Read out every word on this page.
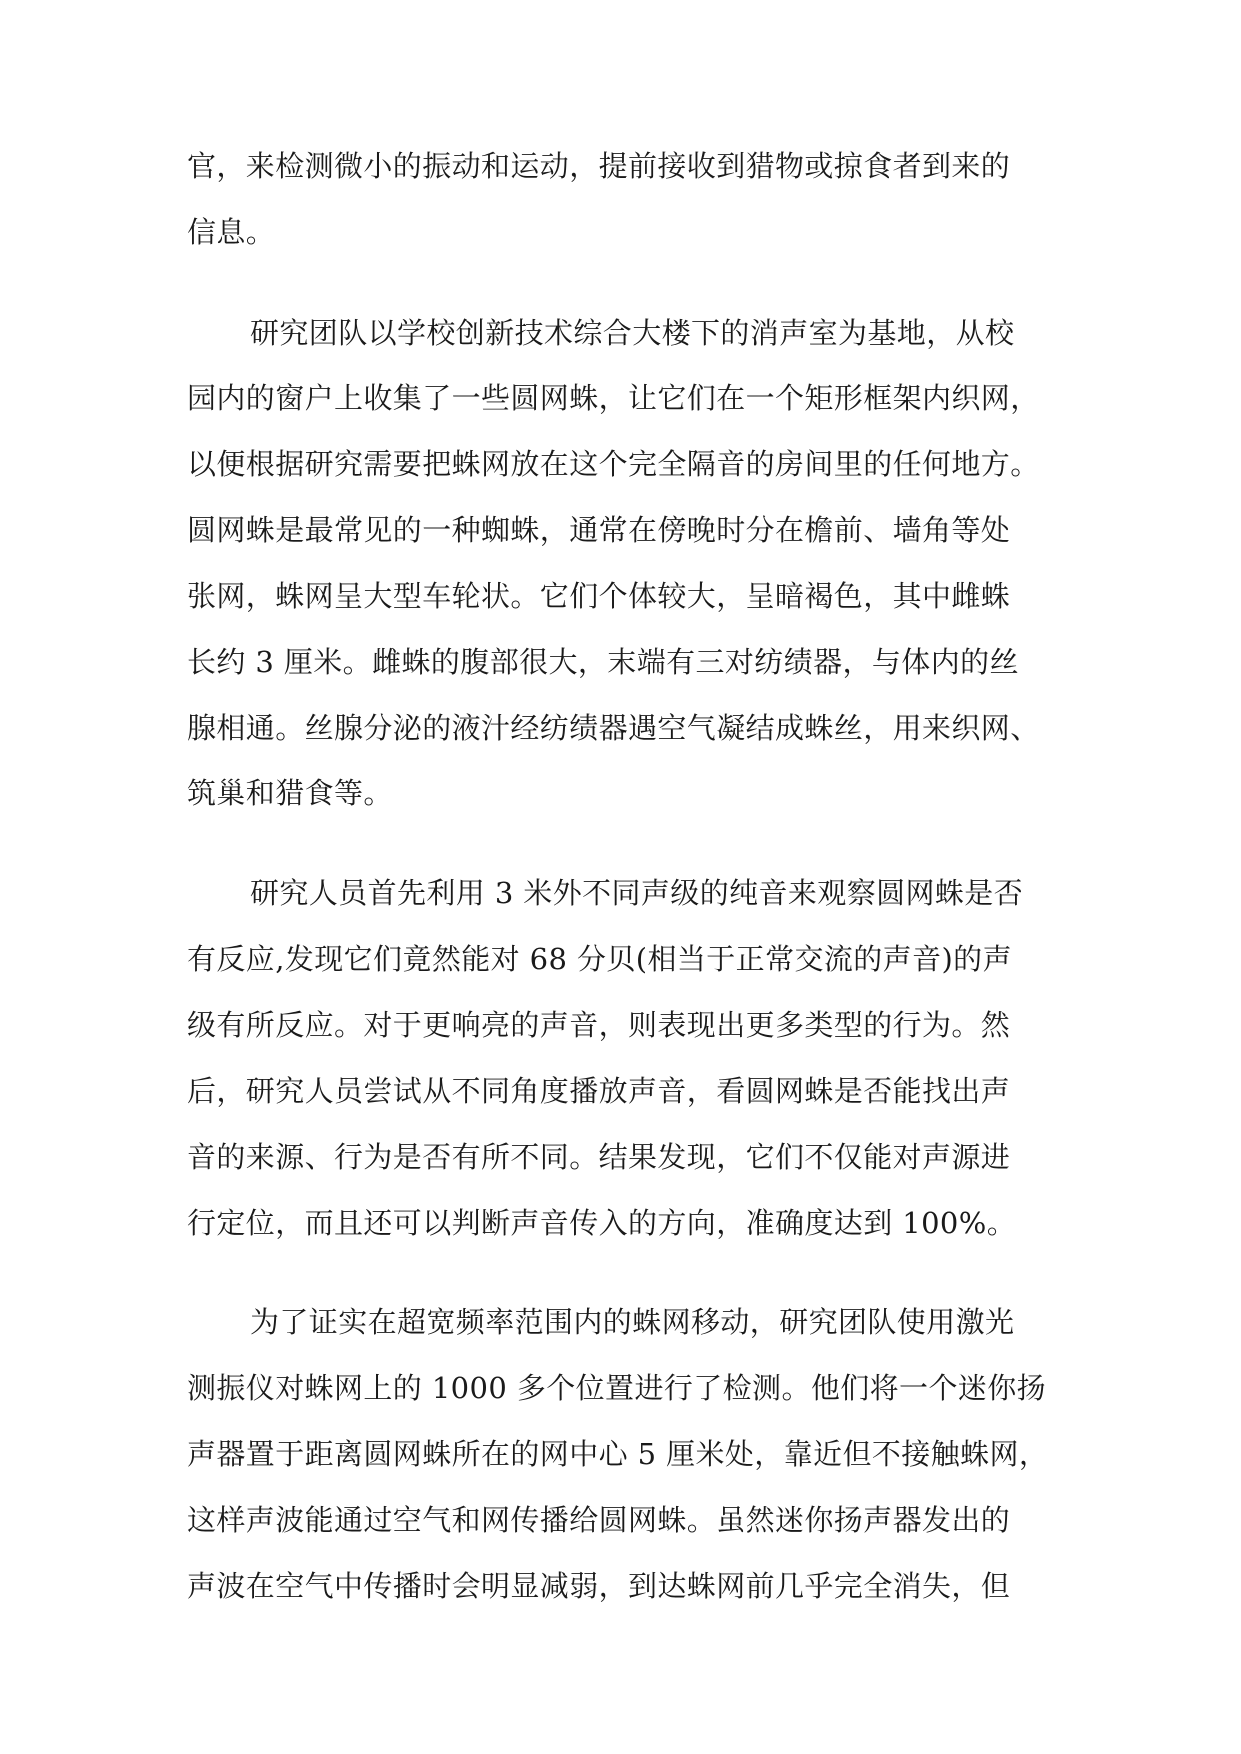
官，来检测微小的振动和运动，提前接收到猎物或掠食者到来的
信息。
研究团队以学校创新技术综合大楼下的消声室为基地，从校
园内的窗户上收集了一些圆网蛛，让它们在一个矩形框架内织网，
以便根据研究需要把蛛网放在这个完全隔音的房间里的任何地方。
圆网蛛是最常见的一种蜘蛛，通常在傍晚时分在檐前、墙角等处
张网，蛛网呈大型车轮状。它们个体较大，呈暗褐色，其中雌蛛
长约 3 厘米。雌蛛的腹部很大，末端有三对纺绩器，与体内的丝
腺相通。丝腺分泌的液汁经纺绩器遇空气凝结成蛛丝，用来织网、
筑巢和猎食等。
研究人员首先利用 3 米外不同声级的纯音来观察圆网蛛是否
有反应,发现它们竟然能对 68 分贝(相当于正常交流的声音)的声
级有所反应。对于更响亮的声音，则表现出更多类型的行为。然
后，研究人员尝试从不同角度播放声音，看圆网蛛是否能找出声
音的来源、行为是否有所不同。结果发现，它们不仅能对声源进
行定位，而且还可以判断声音传入的方向，准确度达到 100%。
为了证实在超宽频率范围内的蛛网移动，研究团队使用激光
测振仪对蛛网上的 1000 多个位置进行了检测。他们将一个迷你扬
声器置于距离圆网蛛所在的网中心 5 厘米处，靠近但不接触蛛网，
这样声波能通过空气和网传播给圆网蛛。虽然迷你扬声器发出的
声波在空气中传播时会明显减弱，到达蛛网前几乎完全消失，但
